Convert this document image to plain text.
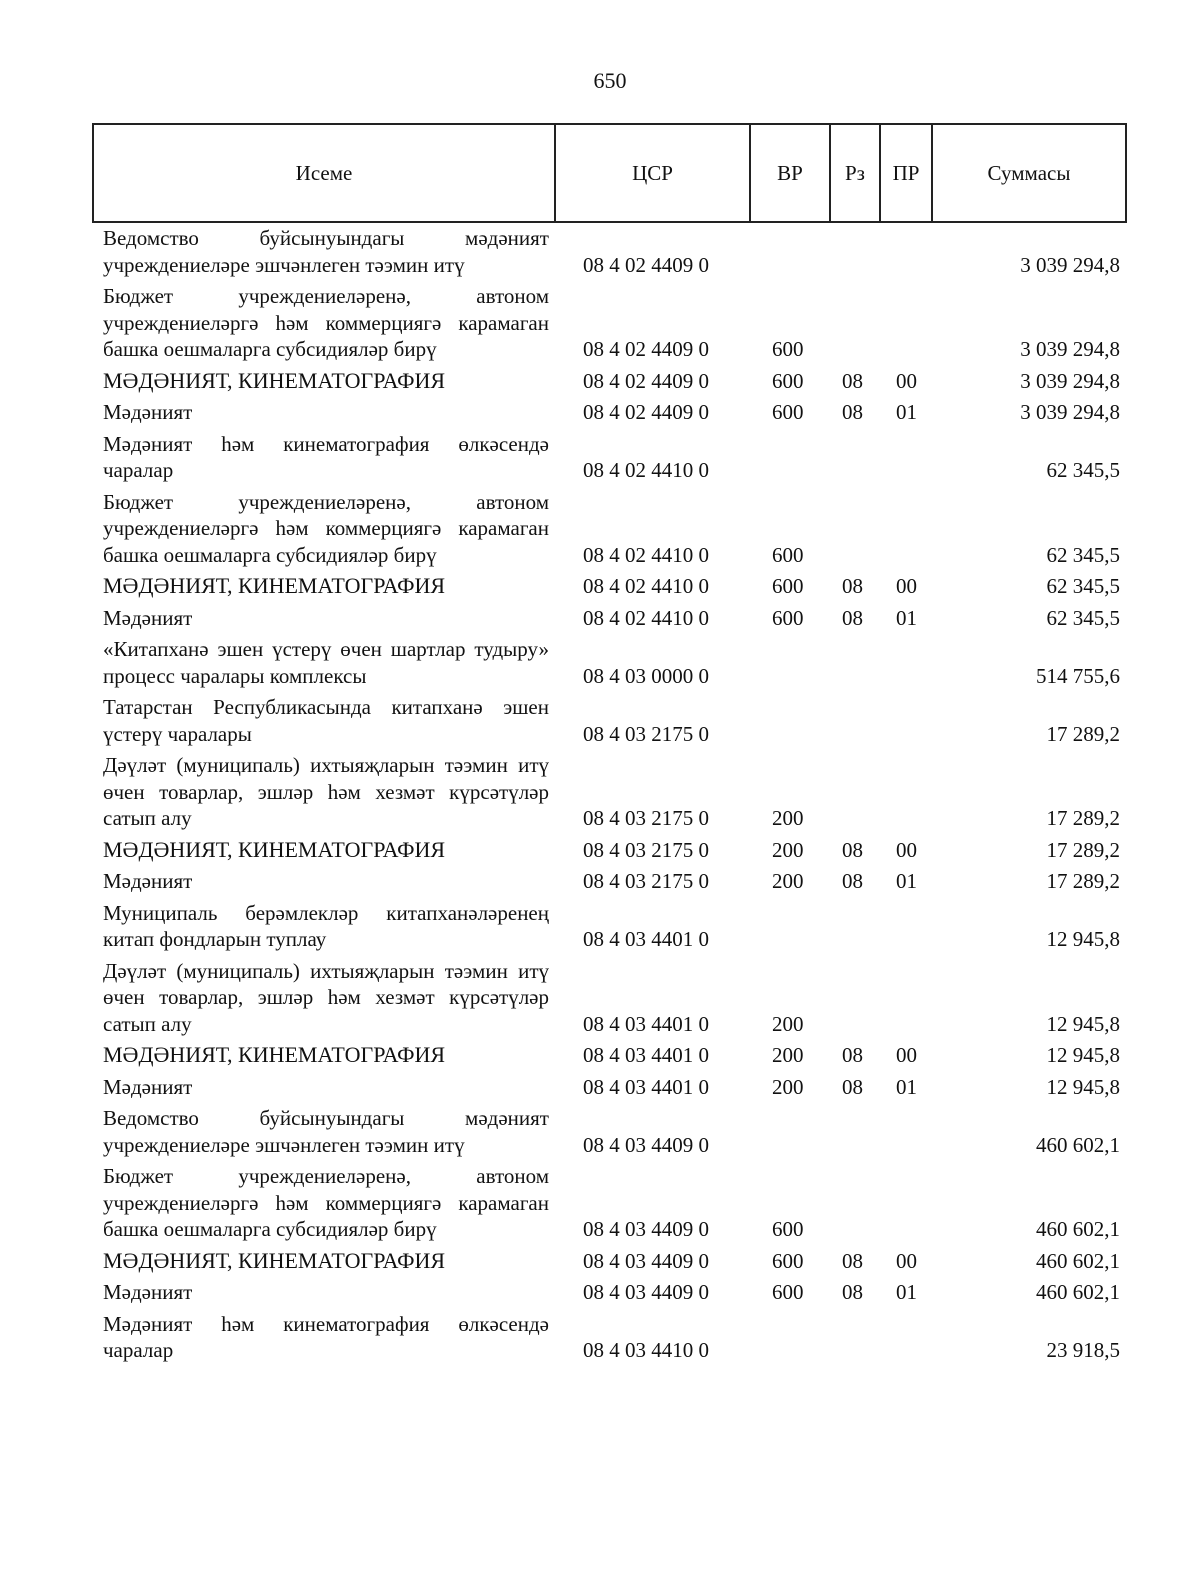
650
Исеме	ЦСР	ВР	Рз	ПР	Суммасы
Ведомство буйсынуындагы мәдәният учреждениеләре эшчәнлеген тәэмин итү	08 4 02 4409 0				3 039 294,8
Бюджет учреждениеләренә, автоном учреждениеләргә һәм коммерциягә карамаган башка оешмаларга субсидияләр бирү	08 4 02 4409 0	600			3 039 294,8
МӘДӘНИЯТ, КИНЕМАТОГРАФИЯ	08 4 02 4409 0	600	08	00	3 039 294,8
Мәдәният	08 4 02 4409 0	600	08	01	3 039 294,8
Мәдәният һәм кинематография өлкәсендә чаралар	08 4 02 4410 0				62 345,5
Бюджет учреждениеләренә, автоном учреждениеләргә һәм коммерциягә карамаган башка оешмаларга субсидияләр бирү	08 4 02 4410 0	600			62 345,5
МӘДӘНИЯТ, КИНЕМАТОГРАФИЯ	08 4 02 4410 0	600	08	00	62 345,5
Мәдәният	08 4 02 4410 0	600	08	01	62 345,5
«Китапханә эшен үстерү өчен шартлар тудыру» процесс чаралары комплексы	08 4 03 0000 0				514 755,6
Татарстан Республикасында китапханә эшен үстерү чаралары	08 4 03 2175 0				17 289,2
Дәүләт (муниципаль) ихтыяҗларын тәэмин итү өчен товарлар, эшләр һәм хезмәт күрсәтүләр сатып алу	08 4 03 2175 0	200			17 289,2
МӘДӘНИЯТ, КИНЕМАТОГРАФИЯ	08 4 03 2175 0	200	08	00	17 289,2
Мәдәният	08 4 03 2175 0	200	08	01	17 289,2
Муниципаль берәмлекләр китапханәләренең китап фондларын туплау	08 4 03 4401 0				12 945,8
Дәүләт (муниципаль) ихтыяҗларын тәэмин итү өчен товарлар, эшләр һәм хезмәт күрсәтүләр сатып алу	08 4 03 4401 0	200			12 945,8
МӘДӘНИЯТ, КИНЕМАТОГРАФИЯ	08 4 03 4401 0	200	08	00	12 945,8
Мәдәният	08 4 03 4401 0	200	08	01	12 945,8
Ведомство буйсынуындагы мәдәният учреждениеләре эшчәнлеген тәэмин итү	08 4 03 4409 0				460 602,1
Бюджет учреждениеләренә, автоном учреждениеләргә һәм коммерциягә карамаган башка оешмаларга субсидияләр бирү	08 4 03 4409 0	600			460 602,1
МӘДӘНИЯТ, КИНЕМАТОГРАФИЯ	08 4 03 4409 0	600	08	00	460 602,1
Мәдәният	08 4 03 4409 0	600	08	01	460 602,1
Мәдәният һәм кинематография өлкәсендә чаралар	08 4 03 4410 0				23 918,5
